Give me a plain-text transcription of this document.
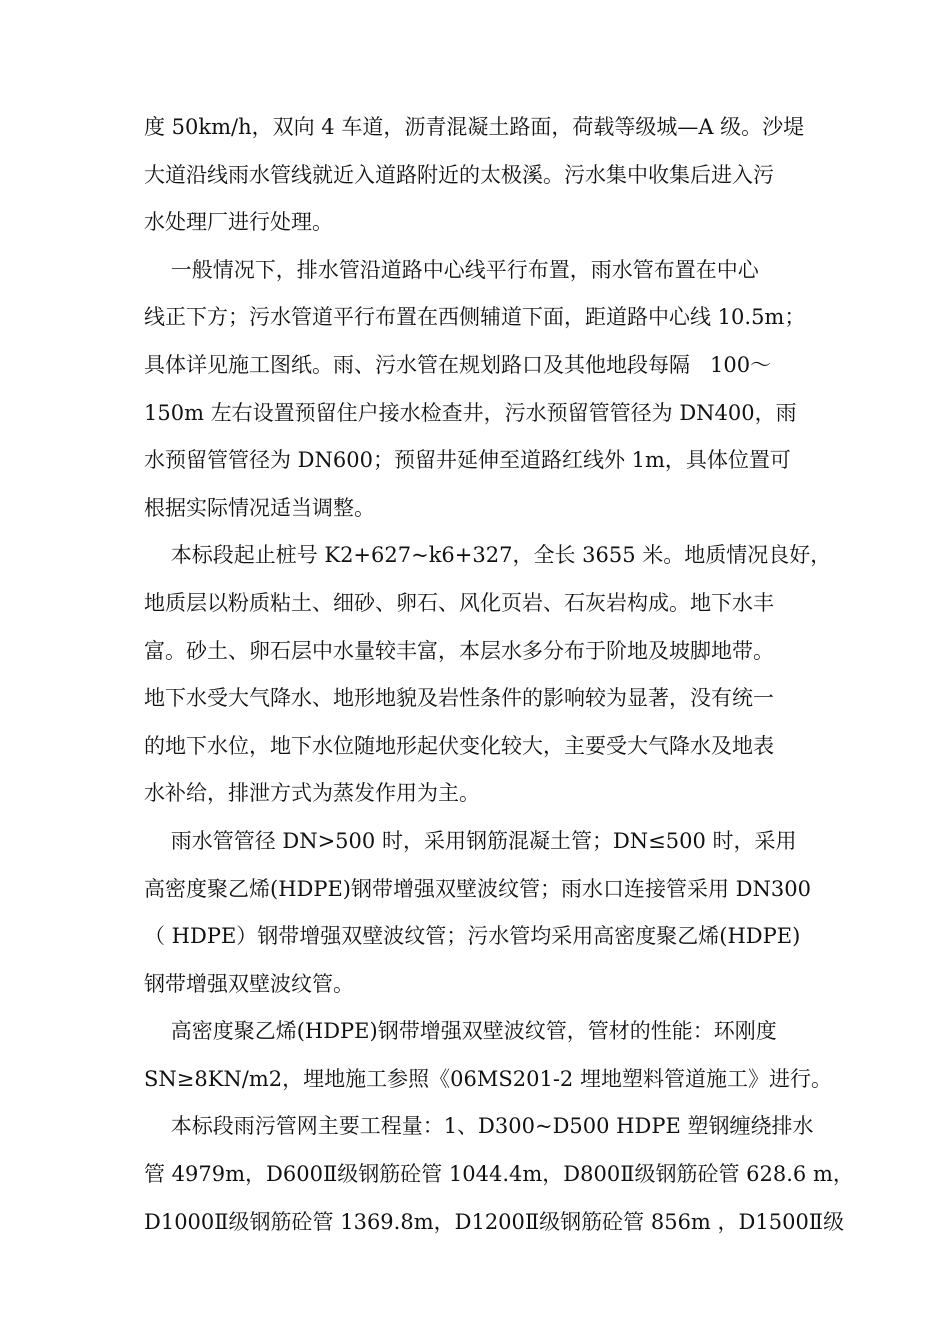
度 50km/h，双向 4 车道，沥青混凝土路面，荷载等级城—A 级。沙堤
大道沿线雨水管线就近入道路附近的太极溪。污水集中收集后进入污
水处理厂进行处理。
一般情况下，排水管沿道路中心线平行布置，雨水管布置在中心
线正下方；污水管道平行布置在西侧辅道下面，距道路中心线 10.5m；
具体详见施工图纸。雨、污水管在规划路口及其他地段每隔   100～
150m 左右设置预留住户接水检查井，污水预留管管径为 DN400，雨
水预留管管径为 DN600；预留井延伸至道路红线外 1m，具体位置可
根据实际情况适当调整。
本标段起止桩号 K2+627~k6+327，全长 3655 米。地质情况良好，
地质层以粉质粘土、细砂、卵石、风化页岩、石灰岩构成。地下水丰
富。砂土、卵石层中水量较丰富，本层水多分布于阶地及坡脚地带。
地下水受大气降水、地形地貌及岩性条件的影响较为显著，没有统一
的地下水位，地下水位随地形起伏变化较大，主要受大气降水及地表
水补给，排泄方式为蒸发作用为主。
雨水管管径 DN>500 时，采用钢筋混凝土管；DN≤500 时，采用
高密度聚乙烯(HDPE)钢带增强双壁波纹管；雨水口连接管采用 DN300
（ HDPE）钢带增强双壁波纹管；污水管均采用高密度聚乙烯(HDPE)
钢带增强双壁波纹管。
高密度聚乙烯(HDPE)钢带增强双壁波纹管，管材的性能：环刚度
SN≥8KN/m2，埋地施工参照《06MS201-2 埋地塑料管道施工》进行。
本标段雨污管网主要工程量：1、D300~D500 HDPE 塑钢缠绕排水
管 4979m，D600Ⅱ级钢筋砼管 1044.4m，D800Ⅱ级钢筋砼管 628.6 m，
D1000Ⅱ级钢筋砼管 1369.8m，D1200Ⅱ级钢筋砼管 856m ，D1500Ⅱ级
